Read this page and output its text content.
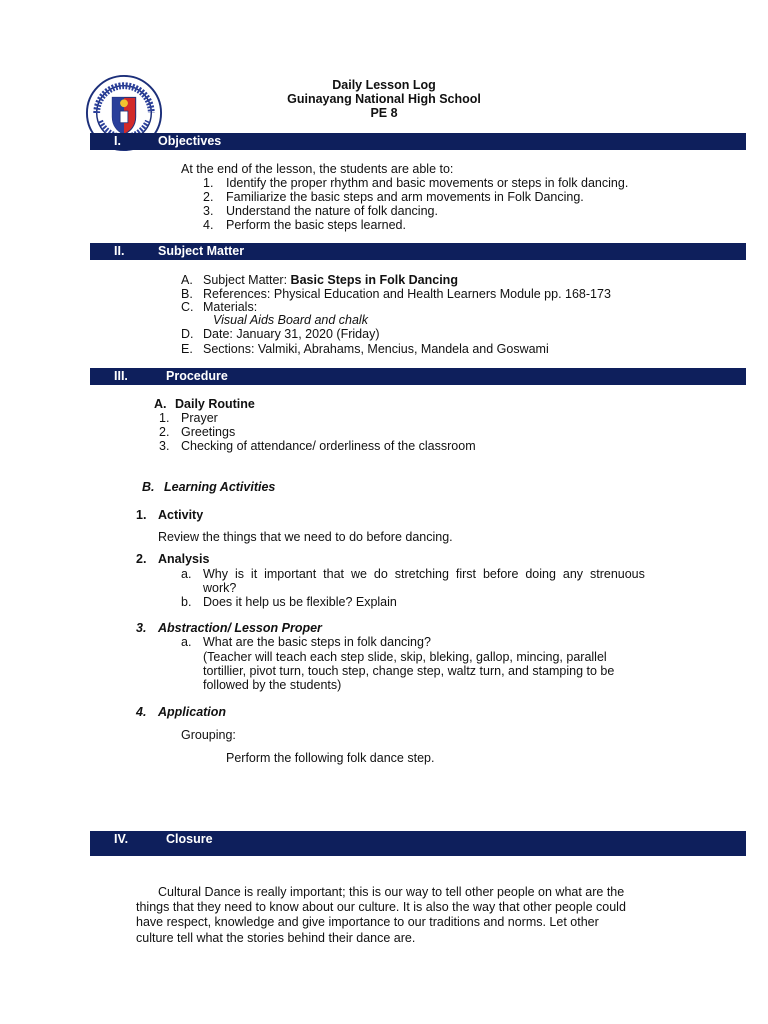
Daily Lesson Log
Guinayang National High School
PE 8
I.	Objectives
At the end of the lesson, the students are able to:
1. Identify the proper rhythm and basic movements or steps in folk dancing.
2. Familiarize the basic steps and arm movements in Folk Dancing.
3. Understand the nature of folk dancing.
4. Perform the basic steps learned.
II.	Subject Matter
A. Subject Matter: Basic Steps in Folk Dancing
B. References: Physical Education and Health Learners Module pp. 168-173
C. Materials:
Visual Aids Board and chalk
D. Date: January 31, 2020 (Friday)
E. Sections: Valmiki, Abrahams, Mencius, Mandela and Goswami
III.	Procedure
A. Daily Routine
1. Prayer
2. Greetings
3. Checking of attendance/ orderliness of the classroom
B. Learning Activities
1. Activity
Review the things that we need to do before dancing.
2. Analysis
a. Why  is  it  important  that  we  do  stretching  first  before  doing  any  strenuous
work?
b. Does it help us be flexible? Explain
3. Abstraction/ Lesson Proper
a. What are the basic steps in folk dancing?
(Teacher will teach each step slide, skip, bleking, gallop, mincing, parallel
tortillier, pivot turn, touch step, change step, waltz turn, and stamping to be
followed by the students)
4. Application
Grouping:
Perform the following folk dance step.
IV.	Closure
Cultural Dance is really important; this is our way to tell other people on what are the
things that they need to know about our culture. It is also the way that other people could
have respect, knowledge and give importance to our traditions and norms. Let other
culture tell what the stories behind their dance are.
